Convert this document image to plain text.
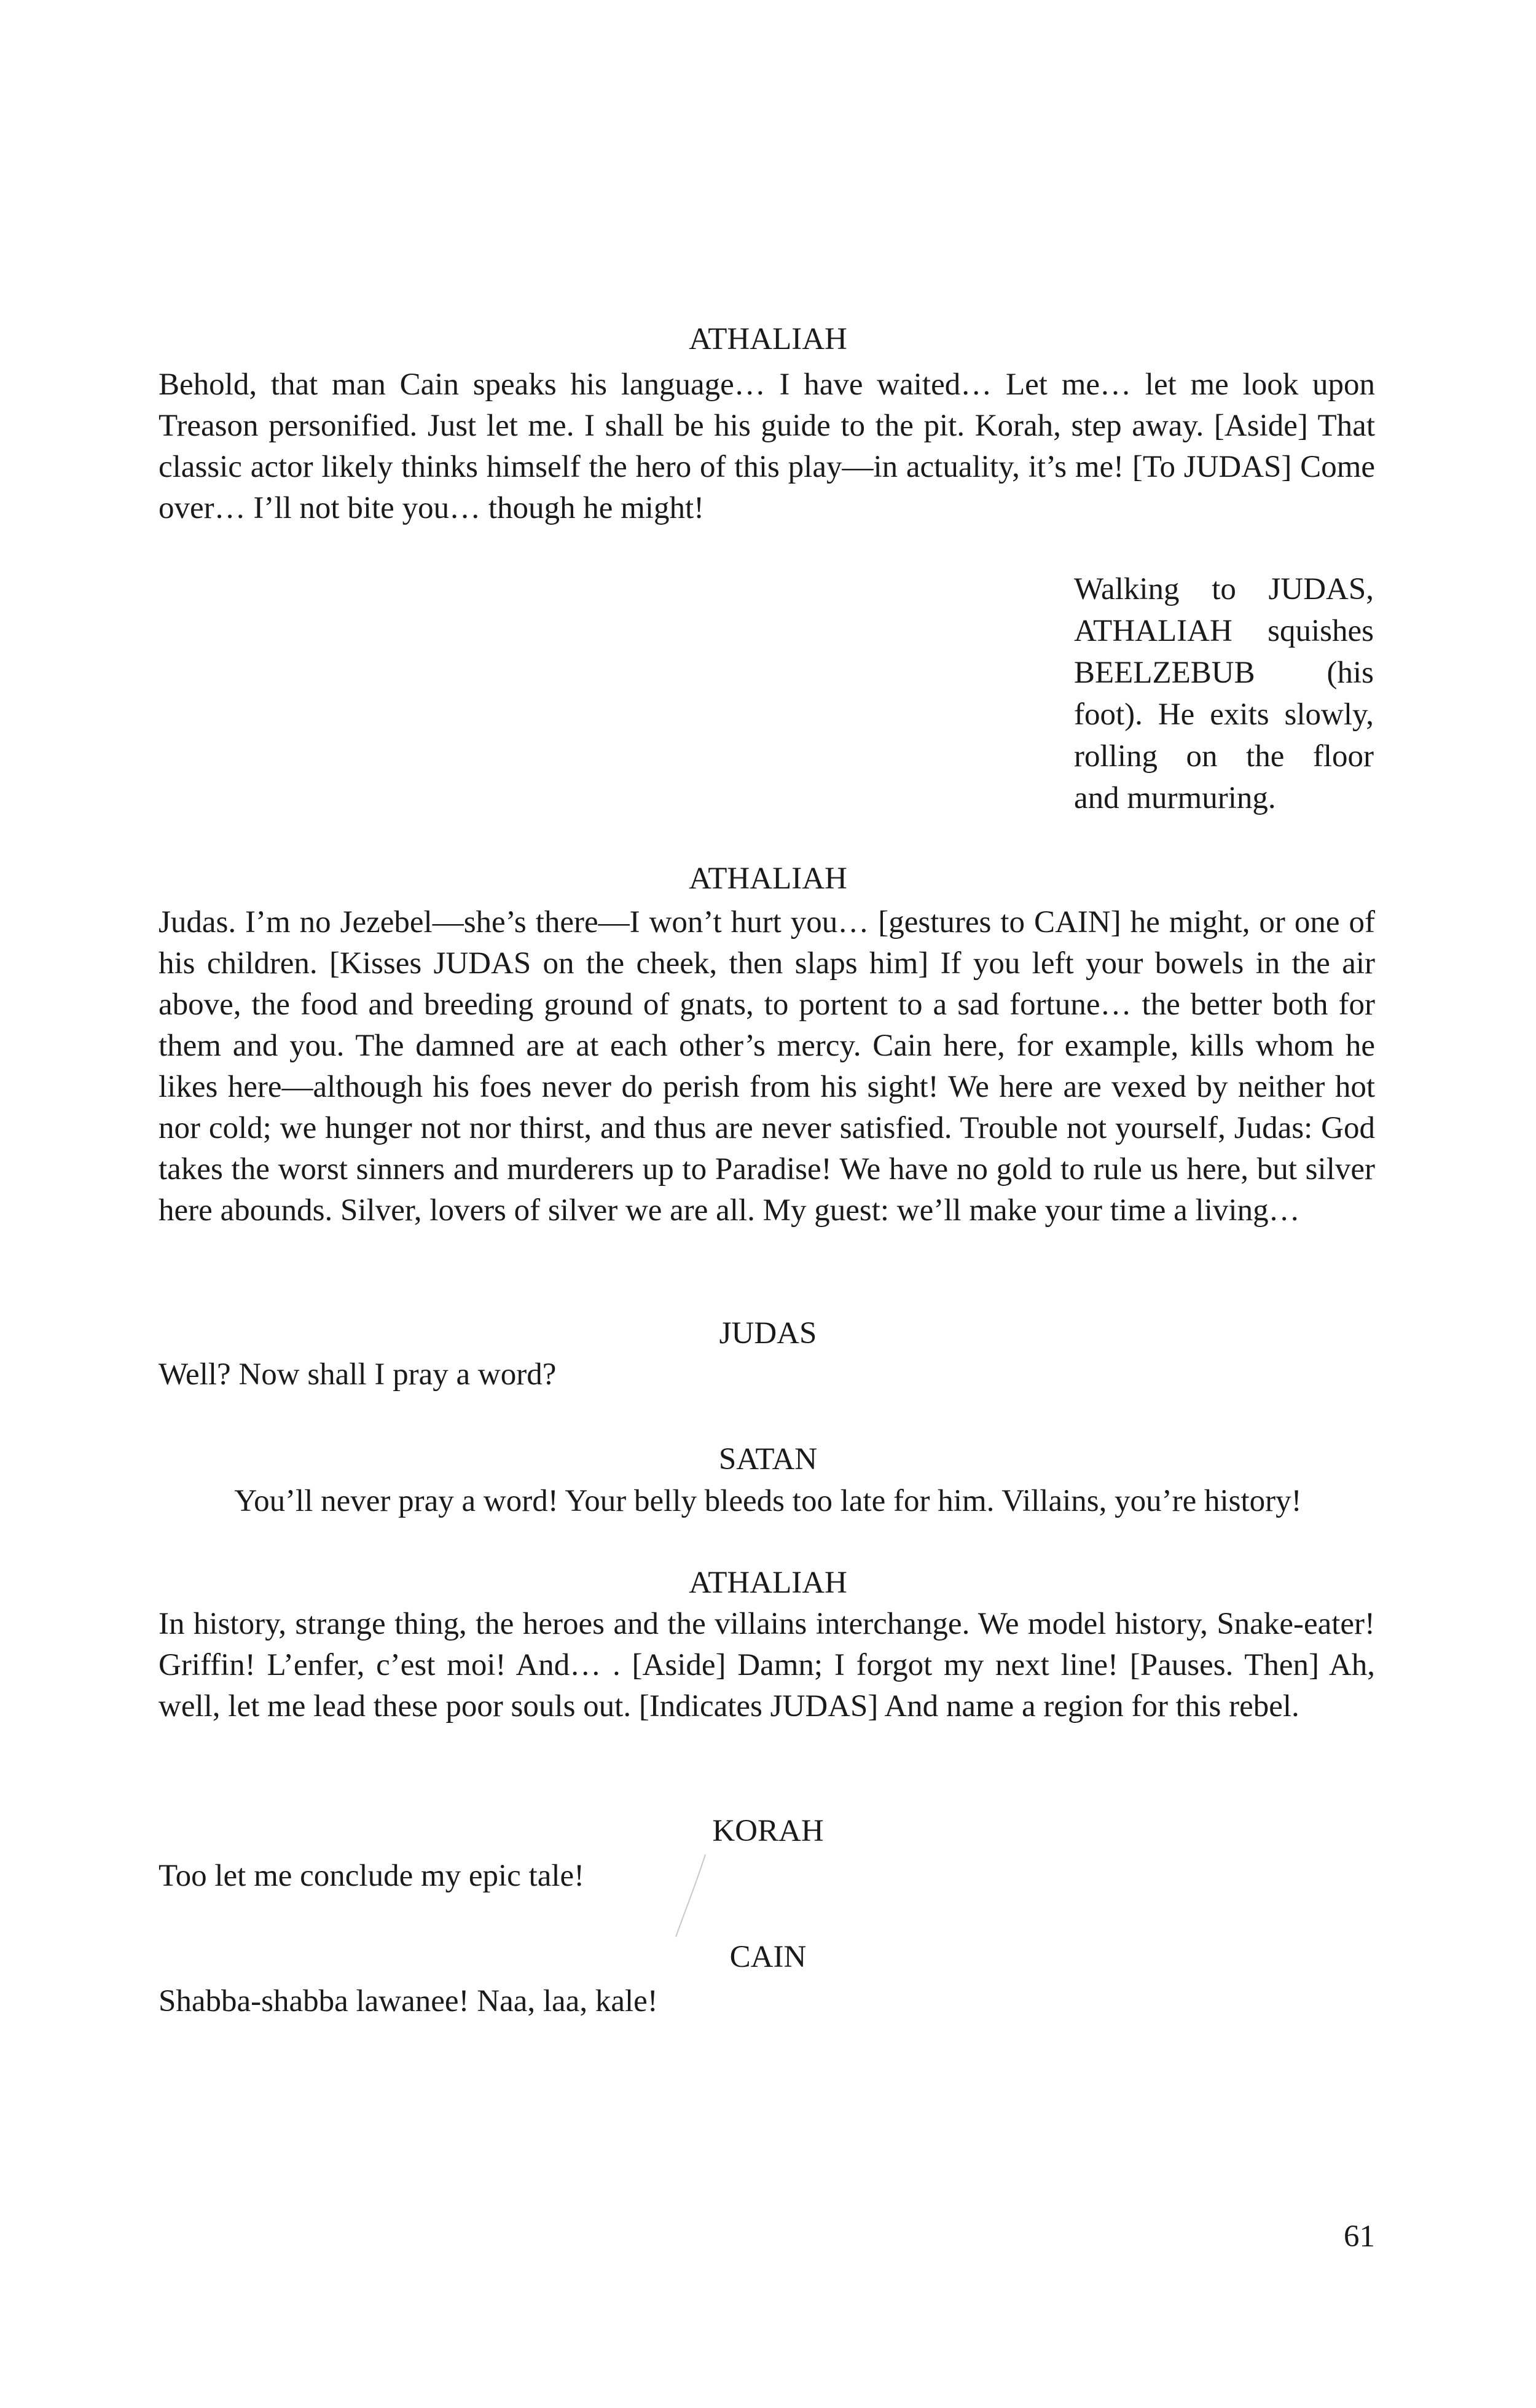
ATHALIAH

Behold, that man Cain speaks his language… I have waited… Let me… let me look upon Treason personified. Just let me. I shall be his guide to the pit. Korah, step away. [Aside] That classic actor likely thinks himself the hero of this play—in actuality, it’s me! [To JUDAS] Come over… I’ll not bite you… though he might!

Walking to JUDAS,
ATHALIAH squishes
BEELZEBUB (his
foot). He exits slowly,
rolling on the floor
and murmuring.

ATHALIAH

Judas. I’m no Jezebel—she’s there—I won’t hurt you… [gestures to CAIN] he might, or one of his children. [Kisses JUDAS on the cheek, then slaps him] If you left your bowels in the air above, the food and breeding ground of gnats, to portent to a sad fortune… the better both for them and you. The damned are at each other’s mercy. Cain here, for example, kills whom he likes here—although his foes never do perish from his sight! We here are vexed by neither hot nor cold; we hunger not nor thirst, and thus are never satisfied. Trouble not yourself, Judas: God takes the worst sinners and murderers up to Paradise! We have no gold to rule us here, but silver here abounds. Silver, lovers of silver we are all. My guest: we’ll make your time a living…

JUDAS

Well? Now shall I pray a word?

SATAN

You’ll never pray a word! Your belly bleeds too late for him. Villains, you’re history!

ATHALIAH

In history, strange thing, the heroes and the villains interchange. We model history, Snake-eater! Griffin! L’enfer, c’est moi! And… . [Aside] Damn; I forgot my next line! [Pauses. Then] Ah, well, let me lead these poor souls out. [Indicates JUDAS] And name a region for this rebel.

KORAH

Too let me conclude my epic tale!

CAIN

Shabba-shabba lawanee! Naa, laa, kale!

61
